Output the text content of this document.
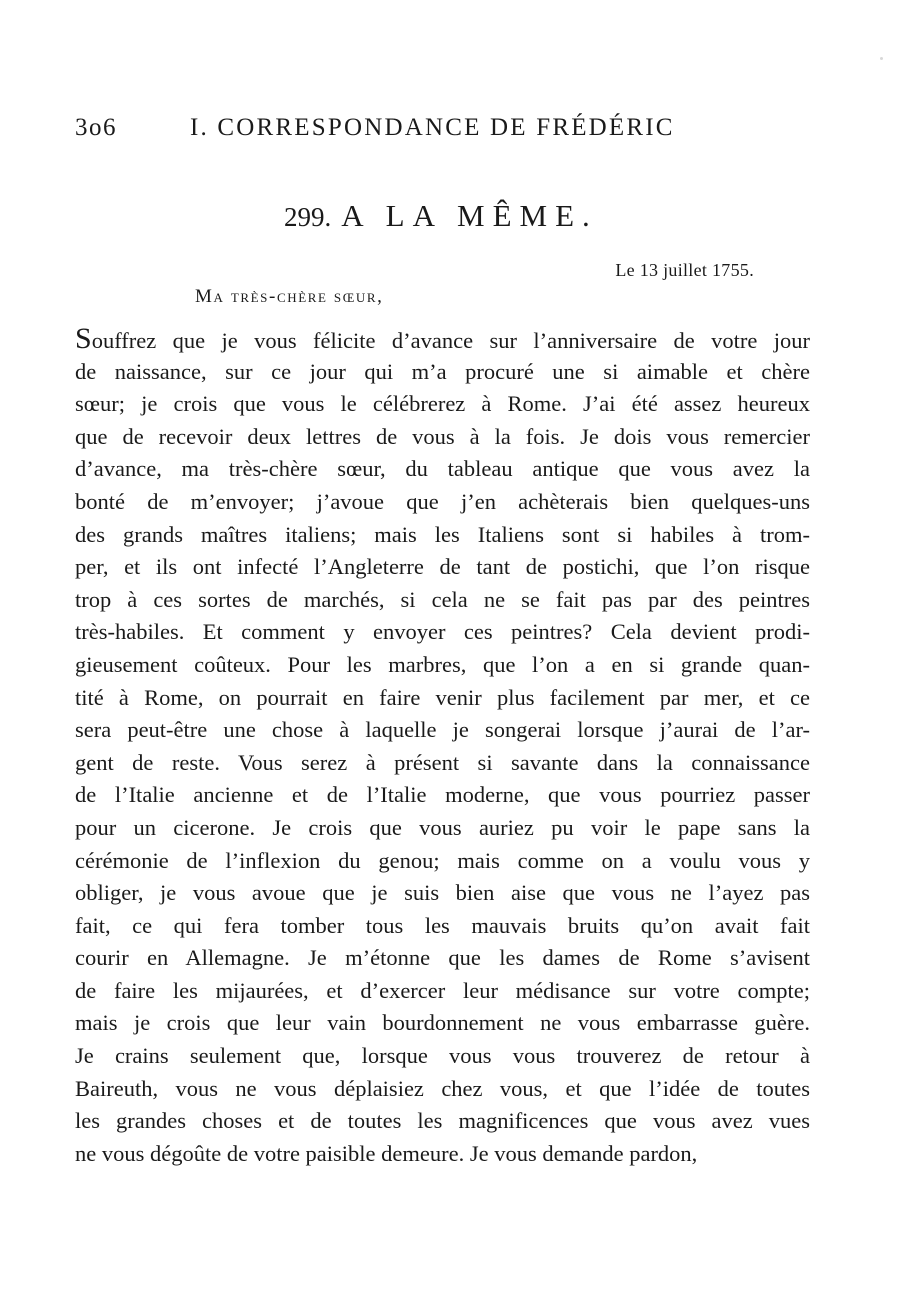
3o6	I. CORRESPONDANCE DE FRÉDÉRIC
299. A LA MÊME.
Le 13 juillet 1755.
Ma très-chère sœur,
Souffrez que je vous félicite d’avance sur l’anniversaire de votre jour
de naissance, sur ce jour qui m’a procuré une si aimable et chère
sœur; je crois que vous le célébrerez à Rome. J’ai été assez heureux
que de recevoir deux lettres de vous à la fois. Je dois vous remercier
d’avance, ma très-chère sœur, du tableau antique que vous avez la
bonté de m’envoyer; j’avoue que j’en achèterais bien quelques-uns
des grands maîtres italiens; mais les Italiens sont si habiles à trom-
per, et ils ont infecté l’Angleterre de tant de postichi, que l’on risque
trop à ces sortes de marchés, si cela ne se fait pas par des peintres
très-habiles. Et comment y envoyer ces peintres? Cela devient prodi-
gieusement coûteux. Pour les marbres, que l’on a en si grande quan-
tité à Rome, on pourrait en faire venir plus facilement par mer, et ce
sera peut-être une chose à laquelle je songerai lorsque j’aurai de l’ar-
gent de reste. Vous serez à présent si savante dans la connaissance
de l’Italie ancienne et de l’Italie moderne, que vous pourriez passer
pour un cicerone. Je crois que vous auriez pu voir le pape sans la
cérémonie de l’inflexion du genou; mais comme on a voulu vous y
obliger, je vous avoue que je suis bien aise que vous ne l’ayez pas
fait, ce qui fera tomber tous les mauvais bruits qu’on avait fait
courir en Allemagne. Je m’étonne que les dames de Rome s’avisent
de faire les mijaurées, et d’exercer leur médisance sur votre compte;
mais je crois que leur vain bourdonnement ne vous embarrasse guère.
Je crains seulement que, lorsque vous vous trouverez de retour à
Baireuth, vous ne vous déplaisiez chez vous, et que l’idée de toutes
les grandes choses et de toutes les magnificences que vous avez vues
ne vous dégoûte de votre paisible demeure. Je vous demande pardon,
